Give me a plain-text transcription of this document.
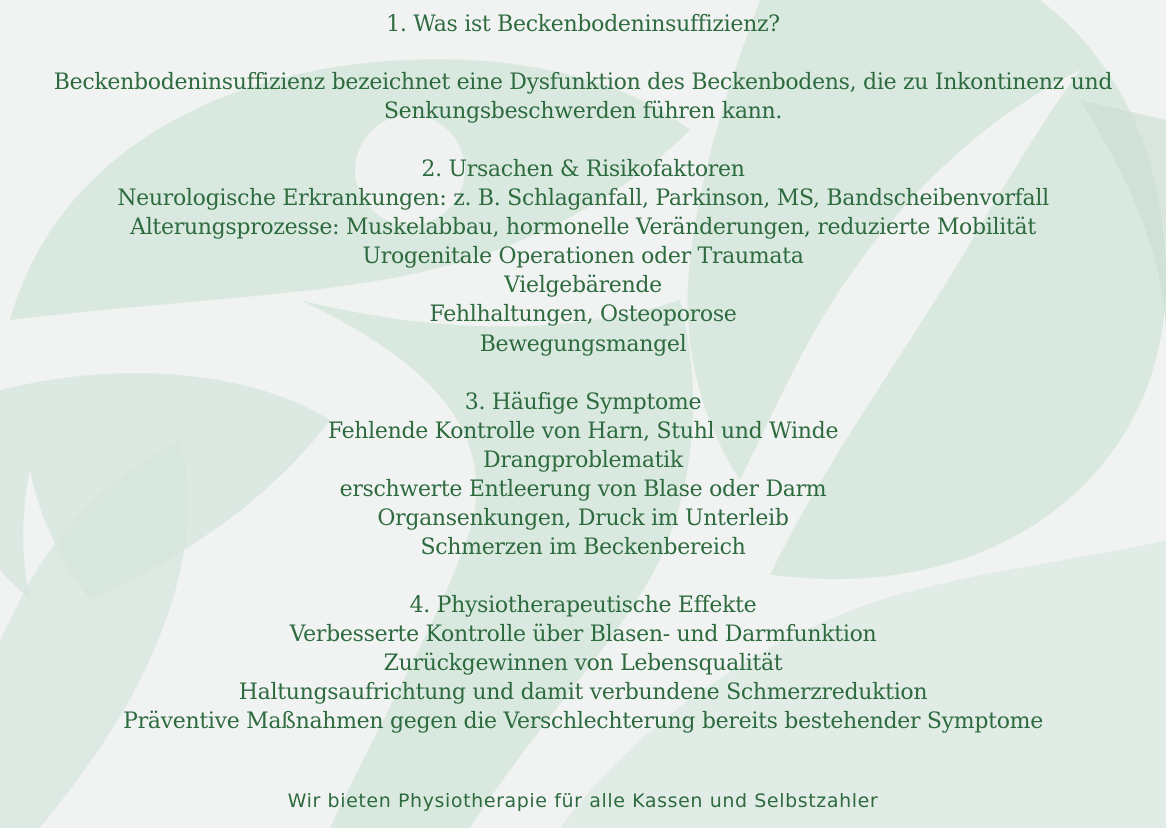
1. Was ist Beckenbodeninsuffizienz?
Beckenbodeninsuffizienz bezeichnet eine Dysfunktion des Beckenbodens, die zu Inkontinenz und
Senkungsbeschwerden führen kann.
2. Ursachen & Risikofaktoren
Neurologische Erkrankungen: z. B. Schlaganfall, Parkinson, MS, Bandscheibenvorfall
Alterungsprozesse: Muskelabbau, hormonelle Veränderungen, reduzierte Mobilität
Urogenitale Operationen oder Traumata
Vielgebärende
Fehlhaltungen, Osteoporose
Bewegungsmangel
3. Häufige Symptome
Fehlende Kontrolle von Harn, Stuhl und Winde
Drangproblematik
erschwerte Entleerung von Blase oder Darm
Organsenkungen, Druck im Unterleib
Schmerzen im Beckenbereich
4. Physiotherapeutische Effekte
Verbesserte Kontrolle über Blasen- und Darmfunktion
Zurückgewinnen von Lebensqualität
Haltungsaufrichtung und damit verbundene Schmerzreduktion
Präventive Maßnahmen gegen die Verschlechterung bereits bestehender Symptome
Wir bieten Physiotherapie für alle Kassen und Selbstzahler
